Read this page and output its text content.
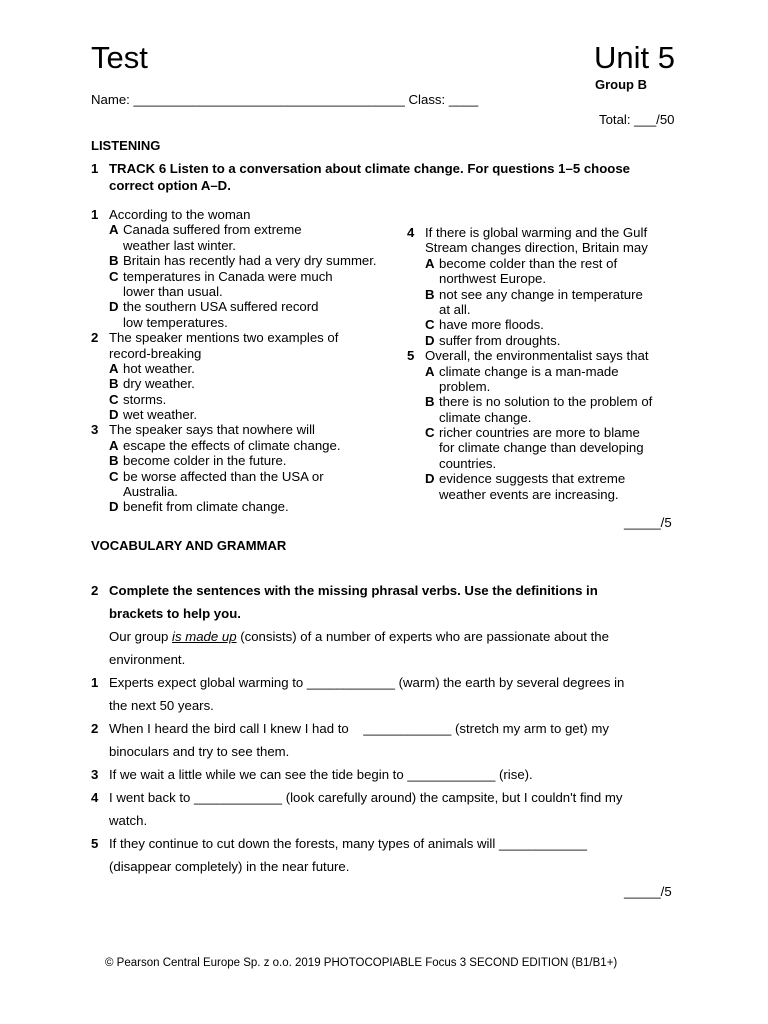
Test	Unit 5
Group B
Name: _____________________________________ Class: ____
Total: ___/50
LISTENING
1 TRACK 6 Listen to a conversation about climate change. For questions 1–5 choose
correct option A–D.
1 According to the woman
A Canada suffered from extreme
weather last winter.
B Britain has recently had a very dry summer.
C temperatures in Canada were much
lower than usual.
D the southern USA suffered record
low temperatures.
2 The speaker mentions two examples of
record-breaking
A hot weather.
B dry weather.
C storms.
D wet weather.
3 The speaker says that nowhere will
A escape the effects of climate change.
B become colder in the future.
C be worse affected than the USA or
Australia.
D benefit from climate change.
4 If there is global warming and the Gulf
Stream changes direction, Britain may
A become colder than the rest of
northwest Europe.
B not see any change in temperature
at all.
C have more floods.
D suffer from droughts.
5 Overall, the environmentalist says that
A climate change is a man-made
problem.
B there is no solution to the problem of
climate change.
C richer countries are more to blame
for climate change than developing
countries.
D evidence suggests that extreme
weather events are increasing.
_____/5
VOCABULARY AND GRAMMAR
2 Complete the sentences with the missing phrasal verbs. Use the definitions in
brackets to help you.
Our group is made up (consists) of a number of experts who are passionate about the
environment.
1 Experts expect global warming to ____________ (warm) the earth by several degrees in
the next 50 years.
2 When I heard the bird call I knew I had to    ____________ (stretch my arm to get) my
binoculars and try to see them.
3 If we wait a little while we can see the tide begin to ____________ (rise).
4 I went back to ____________ (look carefully around) the campsite, but I couldn't find my
watch.
5 If they continue to cut down the forests, many types of animals will ____________
(disappear completely) in the near future.
_____/5
© Pearson Central Europe Sp. z o.o. 2019 PHOTOCOPIABLE Focus 3 SECOND EDITION (B1/B1+)
